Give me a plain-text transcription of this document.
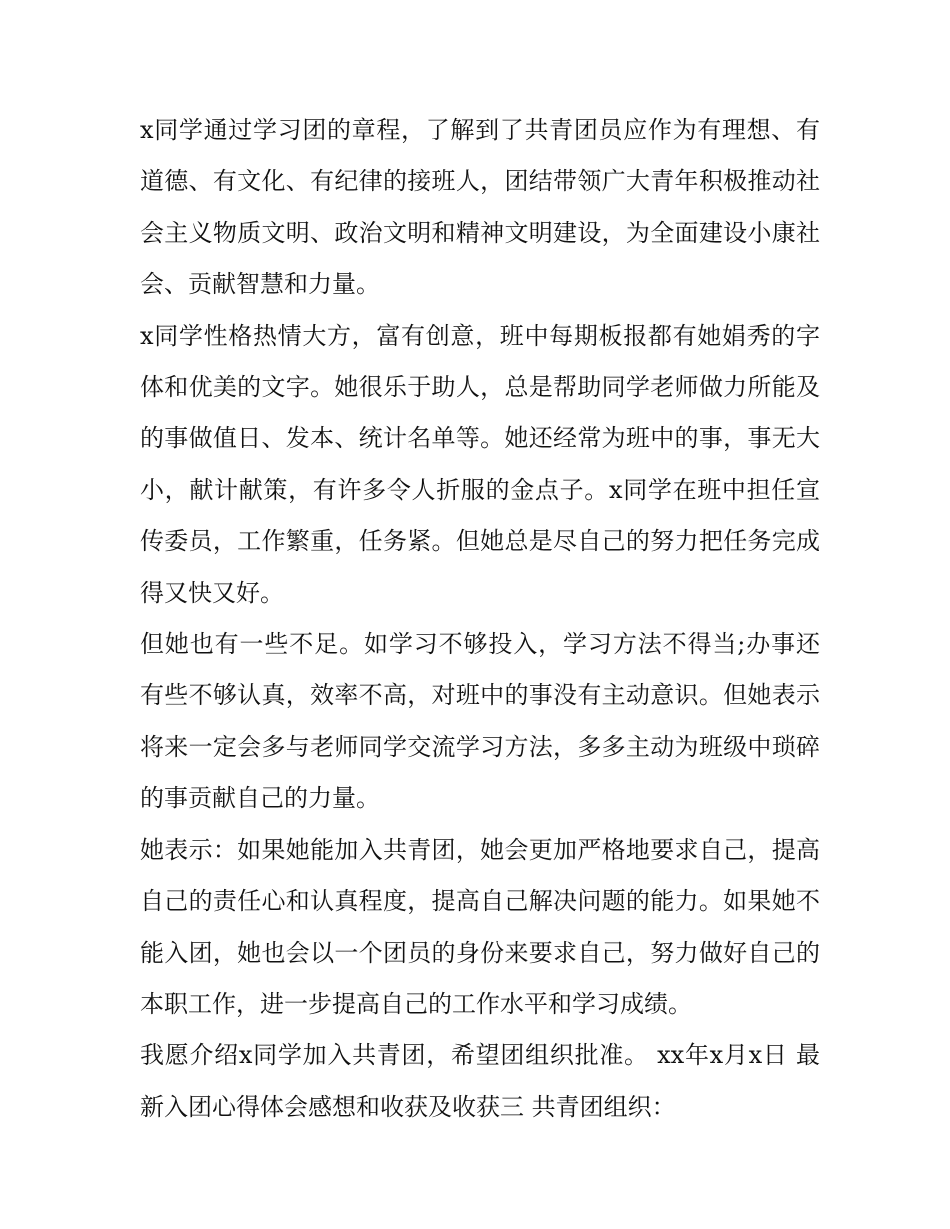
x同学通过学习团的章程，了解到了共青团员应作为有理想、有道德、有文化、有纪律的接班人，团结带领广大青年积极推动社会主义物质文明、政治文明和精神文明建设，为全面建设小康社会、贡献智慧和力量。

x同学性格热情大方，富有创意，班中每期板报都有她娟秀的字体和优美的文字。她很乐于助人，总是帮助同学老师做力所能及的事做值日、发本、统计名单等。她还经常为班中的事，事无大小，献计献策，有许多令人折服的金点子。x同学在班中担任宣传委员，工作繁重，任务紧。但她总是尽自己的努力把任务完成得又快又好。

但她也有一些不足。如学习不够投入，学习方法不得当;办事还有些不够认真，效率不高，对班中的事没有主动意识。但她表示将来一定会多与老师同学交流学习方法，多多主动为班级中琐碎的事贡献自己的力量。

她表示：如果她能加入共青团，她会更加严格地要求自己，提高自己的责任心和认真程度，提高自己解决问题的能力。如果她不能入团，她也会以一个团员的身份来要求自己，努力做好自己的本职工作，进一步提高自己的工作水平和学习成绩。

我愿介绍x同学加入共青团，希望团组织批准。 xx年x月x日 最新入团心得体会感想和收获及收获三 共青团组织：
